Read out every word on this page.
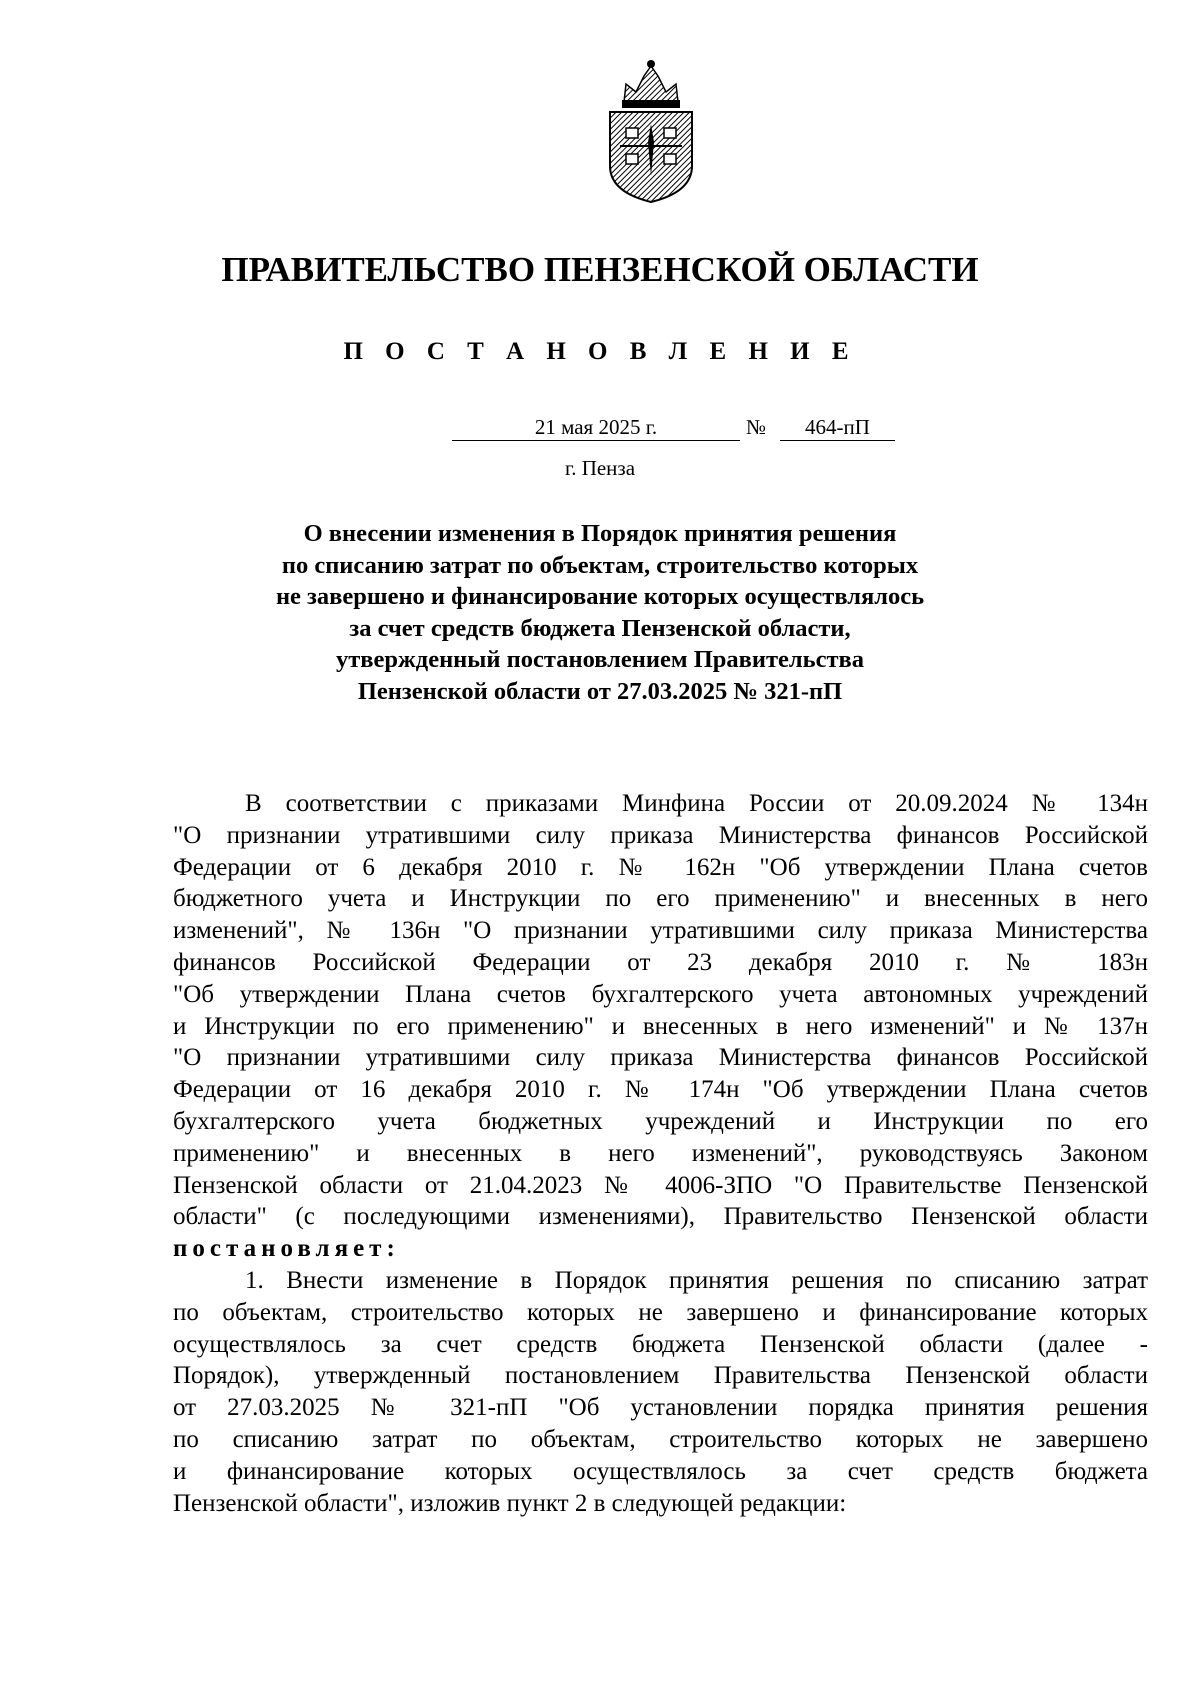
ПРАВИТЕЛЬСТВО ПЕНЗЕНСКОЙ ОБЛАСТИ
П О С Т А Н О В Л Е Н И Е
21 мая 2025 г.	№	464-пП
г. Пенза
О внесении изменения в Порядок принятия решения
по списанию затрат по объектам, строительство которых
не завершено и финансирование которых осуществлялось
за счет средств бюджета Пензенской области,
утвержденный постановлением Правительства
Пензенской области от 27.03.2025 № 321-пП
В соответствии с приказами Минфина России от 20.09.2024 № 134н
"О признании утратившими силу приказа Министерства финансов Российской
Федерации от 6 декабря 2010 г. № 162н "Об утверждении Плана счетов
бюджетного учета и Инструкции по его применению" и внесенных в него
изменений", № 136н "О признании утратившими силу приказа Министерства
финансов Российской Федерации от 23 декабря 2010 г. № 183н
"Об утверждении Плана счетов бухгалтерского учета автономных учреждений
и Инструкции по его применению" и внесенных в него изменений" и № 137н
"О признании утратившими силу приказа Министерства финансов Российской
Федерации от 16 декабря 2010 г. № 174н "Об утверждении Плана счетов
бухгалтерского учета бюджетных учреждений и Инструкции по его
применению" и внесенных в него изменений", руководствуясь Законом
Пензенской области от 21.04.2023 № 4006-ЗПО "О Правительстве Пензенской
области" (с последующими изменениями), Правительство Пензенской области
постановляет:
1. Внести изменение в Порядок принятия решения по списанию затрат
по объектам, строительство которых не завершено и финансирование которых
осуществлялось за счет средств бюджета Пензенской области (далее -
Порядок), утвержденный постановлением Правительства Пензенской области
от 27.03.2025 № 321-пП "Об установлении порядка принятия решения
по списанию затрат по объектам, строительство которых не завершено
и финансирование которых осуществлялось за счет средств бюджета
Пензенской области", изложив пункт 2 в следующей редакции:
